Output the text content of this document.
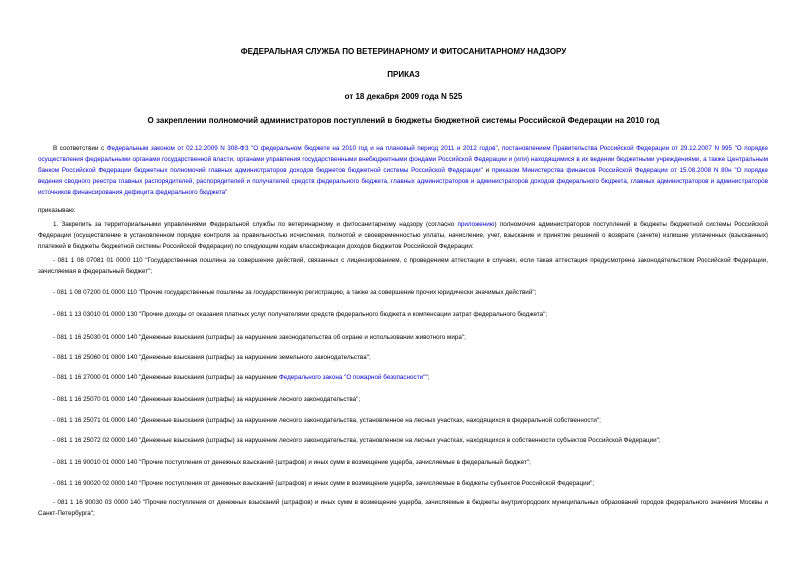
ФЕДЕРАЛЬНАЯ СЛУЖБА ПО ВЕТЕРИНАРНОМУ И ФИТОСАНИТАРНОМУ НАДЗОРУ
ПРИКАЗ
от 18 декабря 2009 года N 525
О закреплении полномочий администраторов поступлений в бюджеты бюджетной системы Российской Федерации на 2010 год

В соответствии с Федеральным законом от 02.12.2009 N 308-ФЗ "О федеральном бюджете на 2010 год и на плановый период 2011 и 2012 годов", постановлением Правительства Российской Федерации от 29.12.2007 N 995 "О порядке осуществления федеральными органами государственной власти, органами управления государственными внебюджетными фондами Российской Федерации и (или) находящимися в их ведении бюджетными учреждениями, а также Центральным банком Российской Федерации бюджетных полномочий главных администраторов доходов бюджетов бюджетной системы Российской Федерации" и приказом Министерства финансов Российской Федерации от 15.08.2008 N 80н "О порядке ведения сводного реестра главных распорядителей, распорядителей и получателей средств федерального бюджета, главных администраторов и администраторов доходов федерального бюджета, главных администраторов и администраторов источников финансирования дефицита федерального бюджета"

приказываю:

1. Закрепить за территориальными управлениями Федеральной службы по ветеринарному и фитосанитарному надзору (согласно приложению) полномочия администраторов поступлений в бюджеты бюджетной системы Российской Федерации (осуществление в установленном порядке контроля за правильностью исчисления, полнотой и своевременностью уплаты, начисление, учет, взыскание и принятие решений о возврате (зачете) излишне уплаченных (взысканных) платежей в бюджеты бюджетной системы Российской Федерации) по следующим кодам классификации доходов бюджетов Российской Федерации:

- 081 1 08 07081 01 0000 110 "Государственная пошлина за совершение действий, связанных с лицензированием, с проведением аттестации в случаях, если такая аттестация предусмотрена законодательством Российской Федерации, зачисляемая в федеральный бюджет";

- 081 1 08 07200 01 0000 110 "Прочие государственные пошлины за государственную регистрацию, а также за совершение прочих юридически значимых действий";

- 081 1 13 03010 01 0000 130 "Прочие доходы от оказания платных услуг получателями средств федерального бюджета и компенсации затрат федерального бюджета";

- 081 1 16 25030 01 0000 140 "Денежные взыскания (штрафы) за нарушение законодательства об охране и использовании животного мира";

- 081 1 16 25060 01 0000 140 "Денежные взыскания (штрафы) за нарушение земельного законодательства";

- 081 1 16 27000 01 0000 140 "Денежные взыскания (штрафы) за нарушение Федерального закона "О пожарной безопасности"";

- 081 1 16 25070 01 0000 140 "Денежные взыскания (штрафы) за нарушение лесного законодательства";

- 081 1 16 25071 01 0000 140 "Денежные взыскания (штрафы) за нарушение лесного законодательства, установленное на лесных участках, находящихся в федеральной собственности";

- 081 1 16 25072 02 0000 140 "Денежные взыскания (штрафы) за нарушение лесного законодательства, установленное на лесных участках, находящихся в собственности субъектов Российской Федерации";

- 081 1 16 90010 01 0000 140 "Прочие поступления от денежных взысканий (штрафов) и иных сумм в возмещение ущерба, зачисляемые в федеральный бюджет";

- 081 1 16 90020 02 0000 140 "Прочие поступления от денежных взысканий (штрафов) и иных сумм в возмещение ущерба, зачисляемые в бюджеты субъектов Российской Федерации";

- 081 1 16 90030 03 0000 140 "Прочие поступления от денежных взысканий (штрафов) и иных сумм в возмещение ущерба, зачисляемые в бюджеты внутригородских муниципальных образований городов федерального значения Москвы и Санкт-Петербурга";
